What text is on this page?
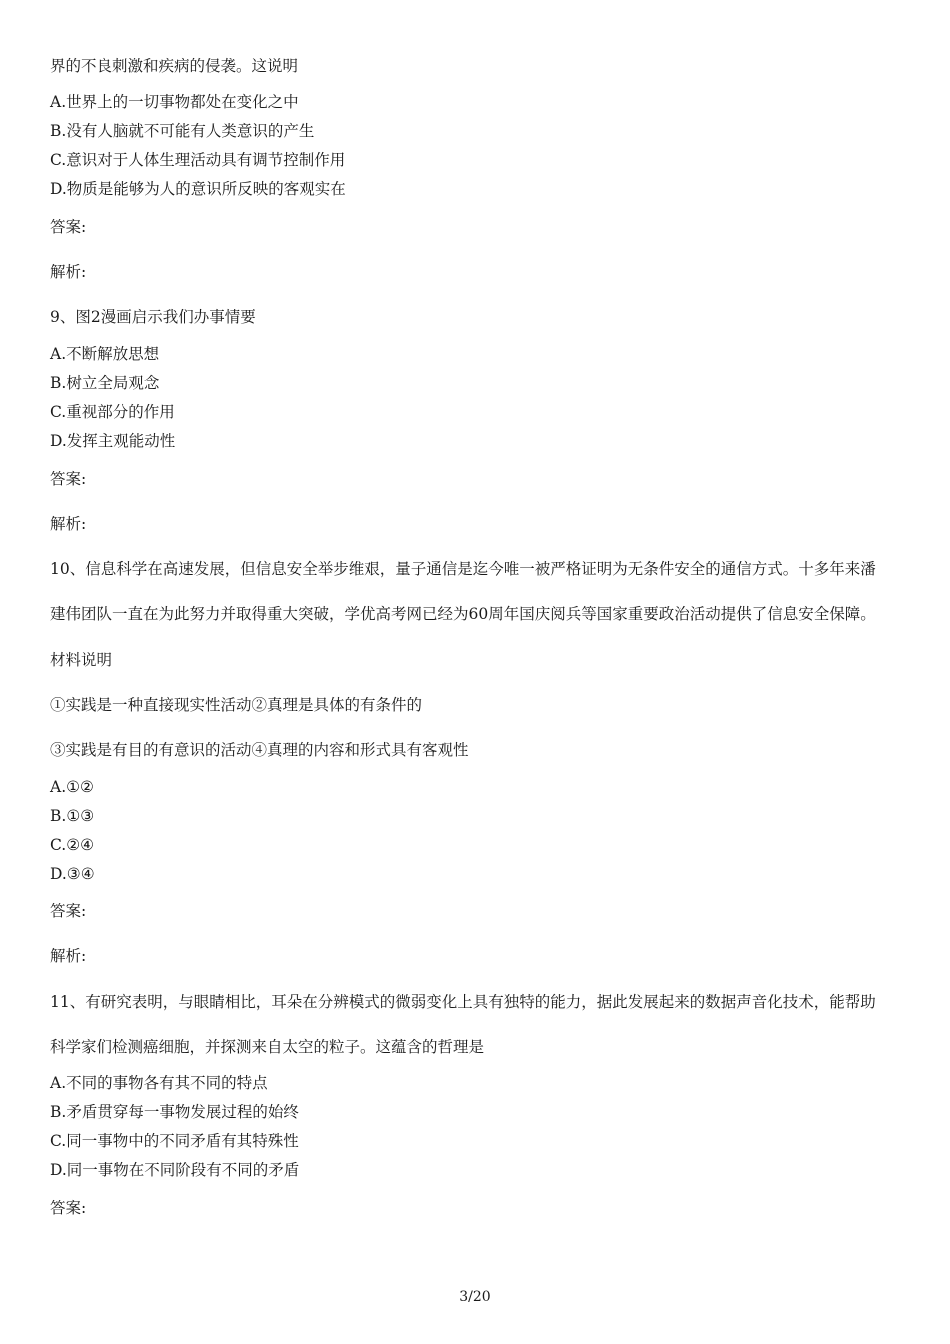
界的不良刺激和疾病的侵袭。这说明

A.世界上的一切事物都处在变化之中

B.没有人脑就不可能有人类意识的产生

C.意识对于人体生理活动具有调节控制作用

D.物质是能够为人的意识所反映的客观实在

答案:

解析:

9、图2漫画启示我们办事情要

A.不断解放思想

B.树立全局观念

C.重视部分的作用

D.发挥主观能动性

答案:

解析:

10、信息科学在高速发展，但信息安全举步维艰，量子通信是迄今唯一被严格证明为无条件安全的通信方式。十多年来潘

建伟团队一直在为此努力并取得重大突破，学优高考网已经为60周年国庆阅兵等国家重要政治活动提供了信息安全保障。

材料说明

①实践是一种直接现实性活动②真理是具体的有条件的

③实践是有目的有意识的活动④真理的内容和形式具有客观性

A.①②

B.①③

C.②④

D.③④

答案:

解析:

11、有研究表明，与眼睛相比，耳朵在分辨模式的微弱变化上具有独特的能力，据此发展起来的数据声音化技术，能帮助

科学家们检测癌细胞，并探测来自太空的粒子。这蕴含的哲理是

A.不同的事物各有其不同的特点

B.矛盾贯穿每一事物发展过程的始终

C.同一事物中的不同矛盾有其特殊性

D.同一事物在不同阶段有不同的矛盾

答案:

3/20
